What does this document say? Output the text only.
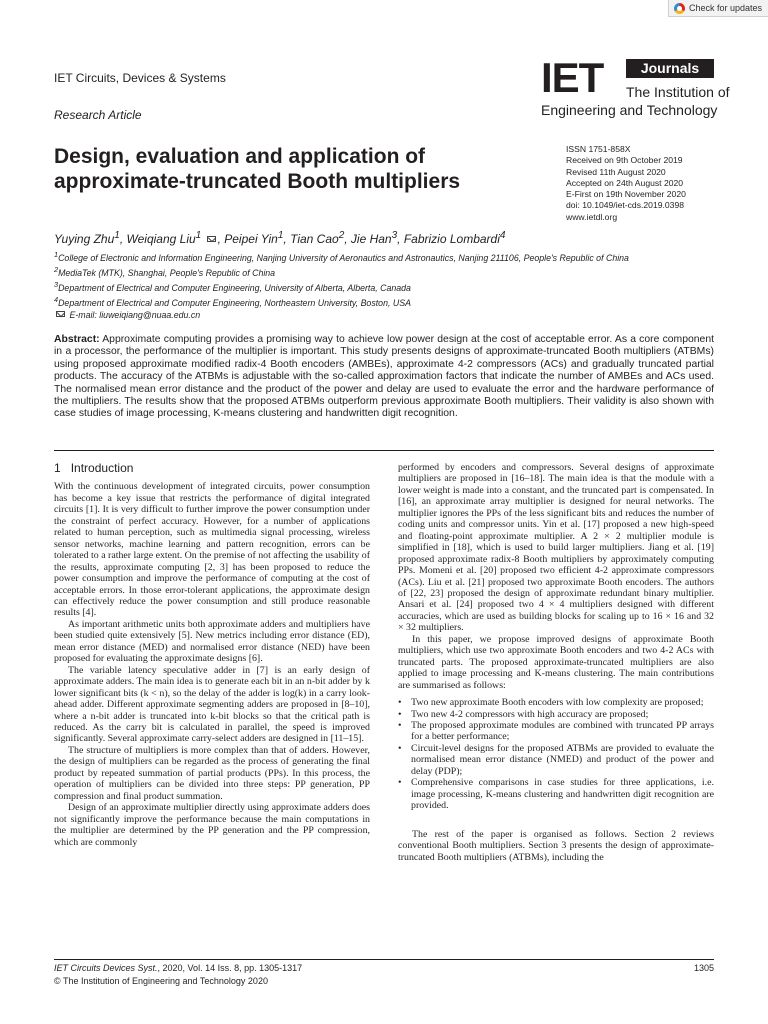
Check for updates
IET Circuits, Devices & Systems
Research Article
IET	Journals
The Institution of
Engineering and Technology
Design, evaluation and application of approximate-truncated Booth multipliers
ISSN 1751-858X
Received on 9th October 2019
Revised 11th August 2020
Accepted on 24th August 2020
E-First on 19th November 2020
doi: 10.1049/iet-cds.2019.0398
www.ietdl.org
Yuying Zhu$^1$, Weiqiang Liu$^1$ , Peipei Yin$^1$, Tian Cao$^2$, Jie Han$^3$, Fabrizio Lombardi$^4$
$^1$College of Electronic and Information Engineering, Nanjing University of Aeronautics and Astronautics, Nanjing 211106, People's Republic of China
$^2$MediaTek (MTK), Shanghai, People's Republic of China
$^3$Department of Electrical and Computer Engineering, University of Alberta, Alberta, Canada
$^4$Department of Electrical and Computer Engineering, Northeastern University, Boston, USA
E-mail: liuweiqiang@nuaa.edu.cn
Abstract: Approximate computing provides a promising way to achieve low power design at the cost of acceptable error. As a core component in a processor, the performance of the multiplier is important. This study presents designs of approximate-truncated Booth multipliers (ATBMs) using proposed approximate modified radix-4 Booth encoders (AMBEs), approximate 4-2 compressors (ACs) and gradually truncated partial products. The accuracy of the ATBMs is adjustable with the so-called approximation factors that indicate the number of AMBEs and ACs used. The normalised mean error distance and the product of the power and delay are used to evaluate the error and the hardware performance of the multipliers. The results show that the proposed ATBMs outperform previous approximate Booth multipliers. Their validity is also shown with case studies of image processing, K-means clustering and handwritten digit recognition.
1 Introduction

With the continuous development of integrated circuits, power consumption has become a key issue that restricts the performance of digital integrated circuits [1]. It is very difficult to further improve the power consumption under the constraint of perfect accuracy. However, for a number of applications related to human perception, such as multimedia signal processing, wireless sensor networks, machine learning and pattern recognition, errors can be tolerated to a rather large extent. On the premise of not affecting the usability of the results, approximate computing [2, 3] has been proposed to reduce the power consumption and improve the performance of computing at the cost of acceptable errors. In those error-tolerant applications, the approximate design can effectively reduce the power consumption and still produce reasonable results [4].

As important arithmetic units both approximate adders and multipliers have been studied quite extensively [5]. New metrics including error distance (ED), mean error distance (MED) and normalised error distance (NED) have been proposed for evaluating the approximate designs [6].

The variable latency speculative adder in [7] is an early design of approximate adders. The main idea is to generate each bit in an n-bit adder by k lower significant bits (k < n), so the delay of the adder is log(k) in a carry look-ahead adder. Different approximate segmenting adders are proposed in [8–10], where a n-bit adder is truncated into k-bit blocks so that the critical path is reduced. As the carry bit is calculated in parallel, the speed is improved significantly. Several approximate carry-select adders are designed in [11–15].

The structure of multipliers is more complex than that of adders. However, the design of multipliers can be regarded as the process of generating the final product by repeated summation of partial products (PPs). In this process, the operation of multipliers can be divided into three steps: PP generation, PP compression and final product summation.

Design of an approximate multiplier directly using approximate adders does not significantly improve the performance because the main computations in the multiplier are determined by the PP generation and the PP compression, which are commonly

performed by encoders and compressors. Several designs of approximate multipliers are proposed in [16–18]. The main idea is that the module with a lower weight is made into a constant, and the truncated part is compensated. In [16], an approximate array multiplier is designed for neural networks. The multiplier ignores the PPs of the less significant bits and reduces the number of coding units and compressor units. Yin et al. [17] proposed a new high-speed and floating-point approximate multiplier. A 2 × 2 multiplier module is simplified in [18], which is used to build larger multipliers. Jiang et al. [19] proposed approximate radix-8 Booth multipliers by approximately computing PPs. Momeni et al. [20] proposed two efficient 4-2 approximate compressors (ACs). Liu et al. [21] proposed two approximate Booth encoders. The authors of [22, 23] proposed the design of approximate redundant binary multiplier. Ansari et al. [24] proposed two 4 × 4 multipliers designed with different accuracies, which are used as building blocks for scaling up to 16 × 16 and 32 × 32 multipliers.

In this paper, we propose improved designs of approximate Booth multipliers, which use two approximate Booth encoders and two 4-2 ACs with truncated parts. The proposed approximate-truncated multipliers are also applied to image processing and K-means clustering. The main contributions are summarised as follows:

• Two new approximate Booth encoders with low complexity are proposed;
• Two new 4-2 compressors with high accuracy are proposed;
• The proposed approximate modules are combined with truncated PP arrays for a better performance;
• Circuit-level designs for the proposed ATBMs are provided to evaluate the normalised mean error distance (NMED) and product of the power and delay (PDP);
• Comprehensive comparisons in case studies for three applications, i.e. image processing, K-means clustering and handwritten digit recognition are provided.

The rest of the paper is organised as follows. Section 2 reviews conventional Booth multipliers. Section 3 presents the design of approximate-truncated Booth multipliers (ATBMs), including the

IET Circuits Devices Syst., 2020, Vol. 14 Iss. 8, pp. 1305-1317
© The Institution of Engineering and Technology 2020
1305
